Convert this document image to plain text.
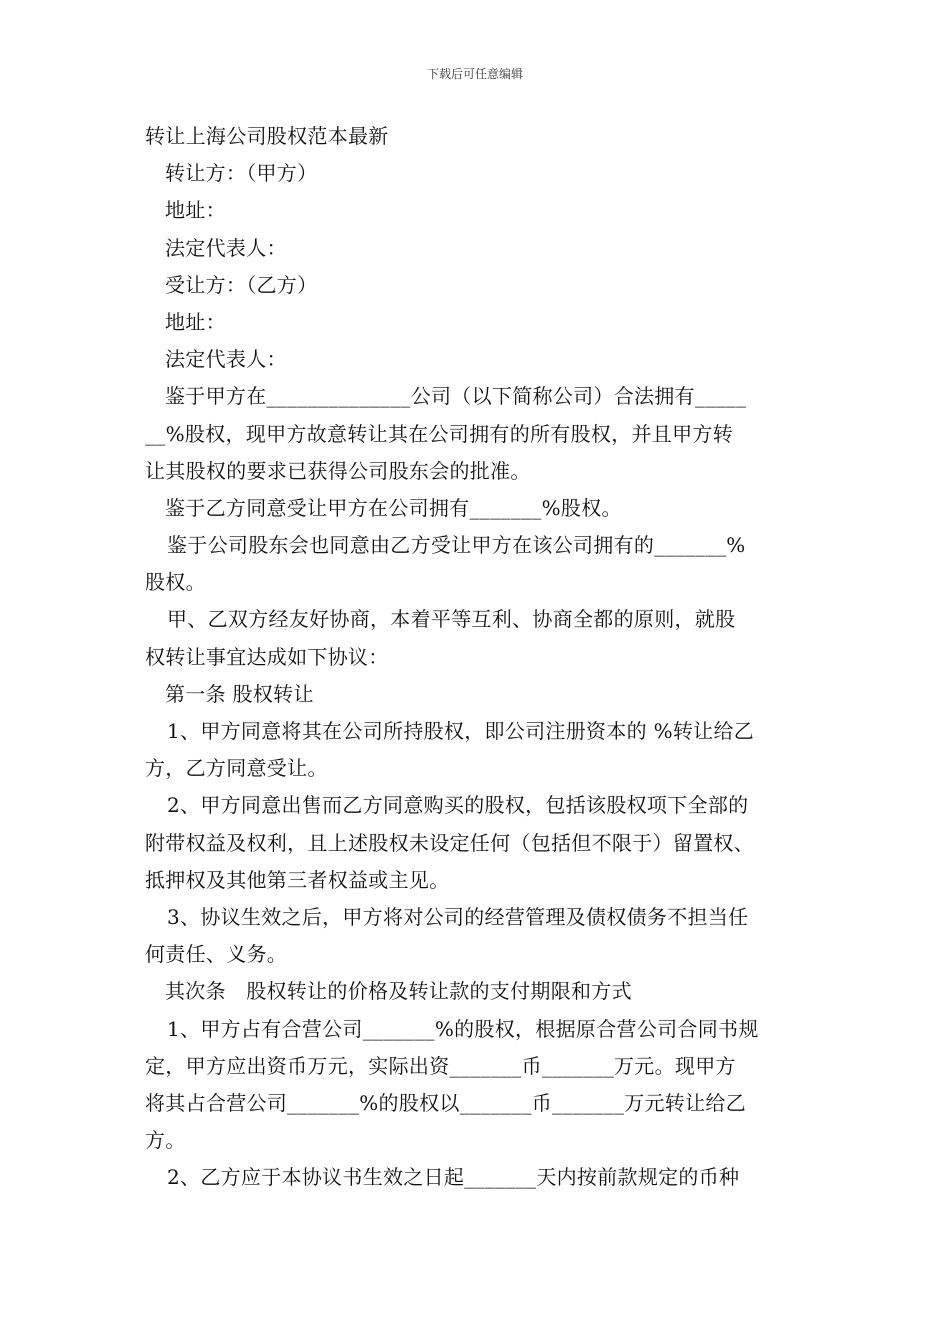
下载后可任意编辑
转让上海公司股权范本最新
转让方：（甲方）
地址：
法定代表人：
受让方：（乙方）
地址：
法定代表人：
鉴于甲方在______________公司（以下简称公司）合法拥有_____
__%股权，现甲方故意转让其在公司拥有的所有股权，并且甲方转
让其股权的要求已获得公司股东会的批准。
鉴于乙方同意受让甲方在公司拥有_______%股权。
鉴于公司股东会也同意由乙方受让甲方在该公司拥有的_______%
股权。
甲、乙双方经友好协商，本着平等互利、协商全都的原则，就股
权转让事宜达成如下协议：
第一条 股权转让
1、甲方同意将其在公司所持股权，即公司注册资本的 %转让给乙
方，乙方同意受让。
2、甲方同意出售而乙方同意购买的股权，包括该股权项下全部的
附带权益及权利，且上述股权未设定任何（包括但不限于）留置权、
抵押权及其他第三者权益或主见。
3、协议生效之后，甲方将对公司的经营管理及债权债务不担当任
何责任、义务。
其次条　股权转让的价格及转让款的支付期限和方式
1、甲方占有合营公司_______%的股权，根据原合营公司合同书规
定，甲方应出资币万元，实际出资_______币_______万元。现甲方
将其占合营公司_______%的股权以_______币_______万元转让给乙
方。
2、乙方应于本协议书生效之日起_______天内按前款规定的币种
